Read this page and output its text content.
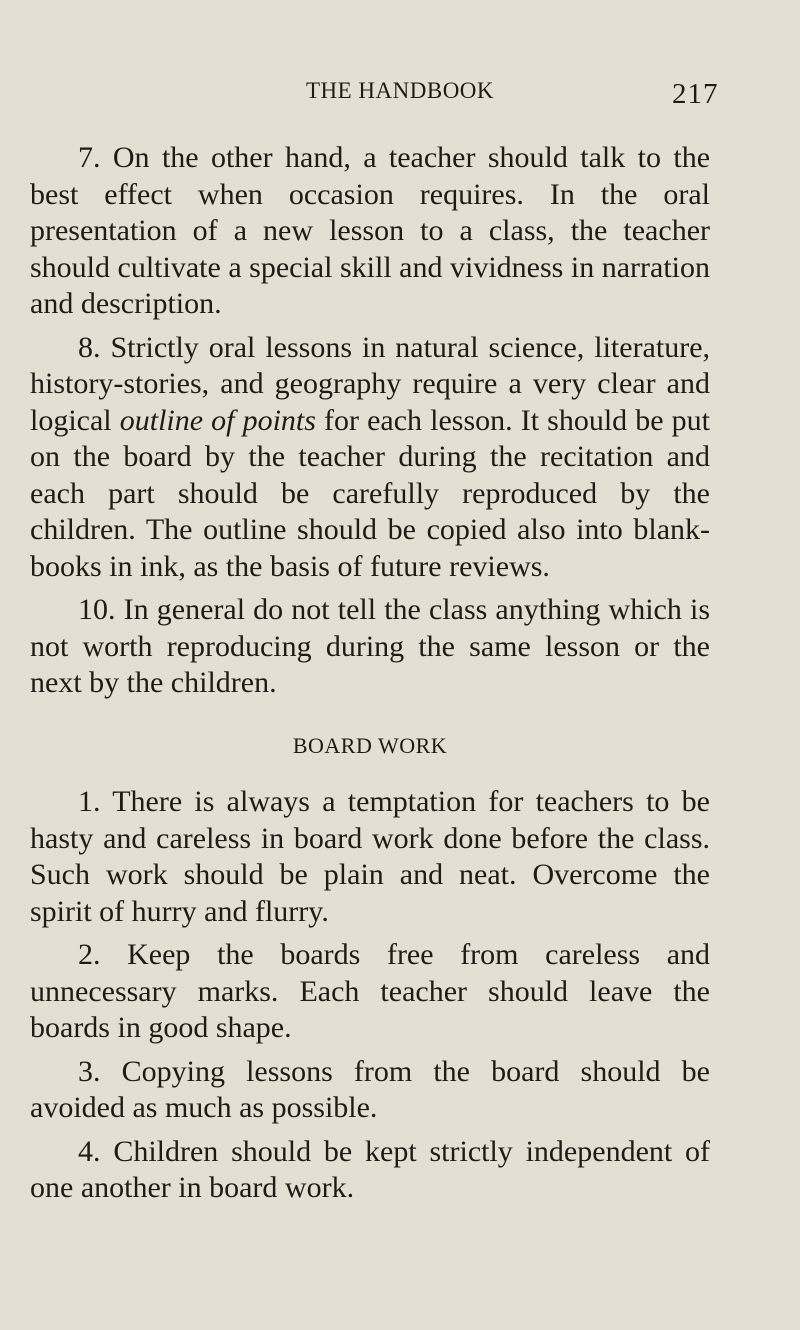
THE HANDBOOK	217

7. On the other hand, a teacher should talk to the best effect when occasion requires. In the oral presentation of a new lesson to a class, the teacher should cultivate a special skill and vividness in narration and description.

8. Strictly oral lessons in natural science, literature, history-stories, and geography require a very clear and logical outline of points for each lesson. It should be put on the board by the teacher during the recitation and each part should be carefully reproduced by the children. The outline should be copied also into blank-books in ink, as the basis of future reviews.

10. In general do not tell the class anything which is not worth reproducing during the same lesson or the next by the children.

BOARD WORK

1. There is always a temptation for teachers to be hasty and careless in board work done before the class. Such work should be plain and neat. Overcome the spirit of hurry and flurry.

2. Keep the boards free from careless and unnecessary marks. Each teacher should leave the boards in good shape.

3. Copying lessons from the board should be avoided as much as possible.

4. Children should be kept strictly independent of one another in board work.
